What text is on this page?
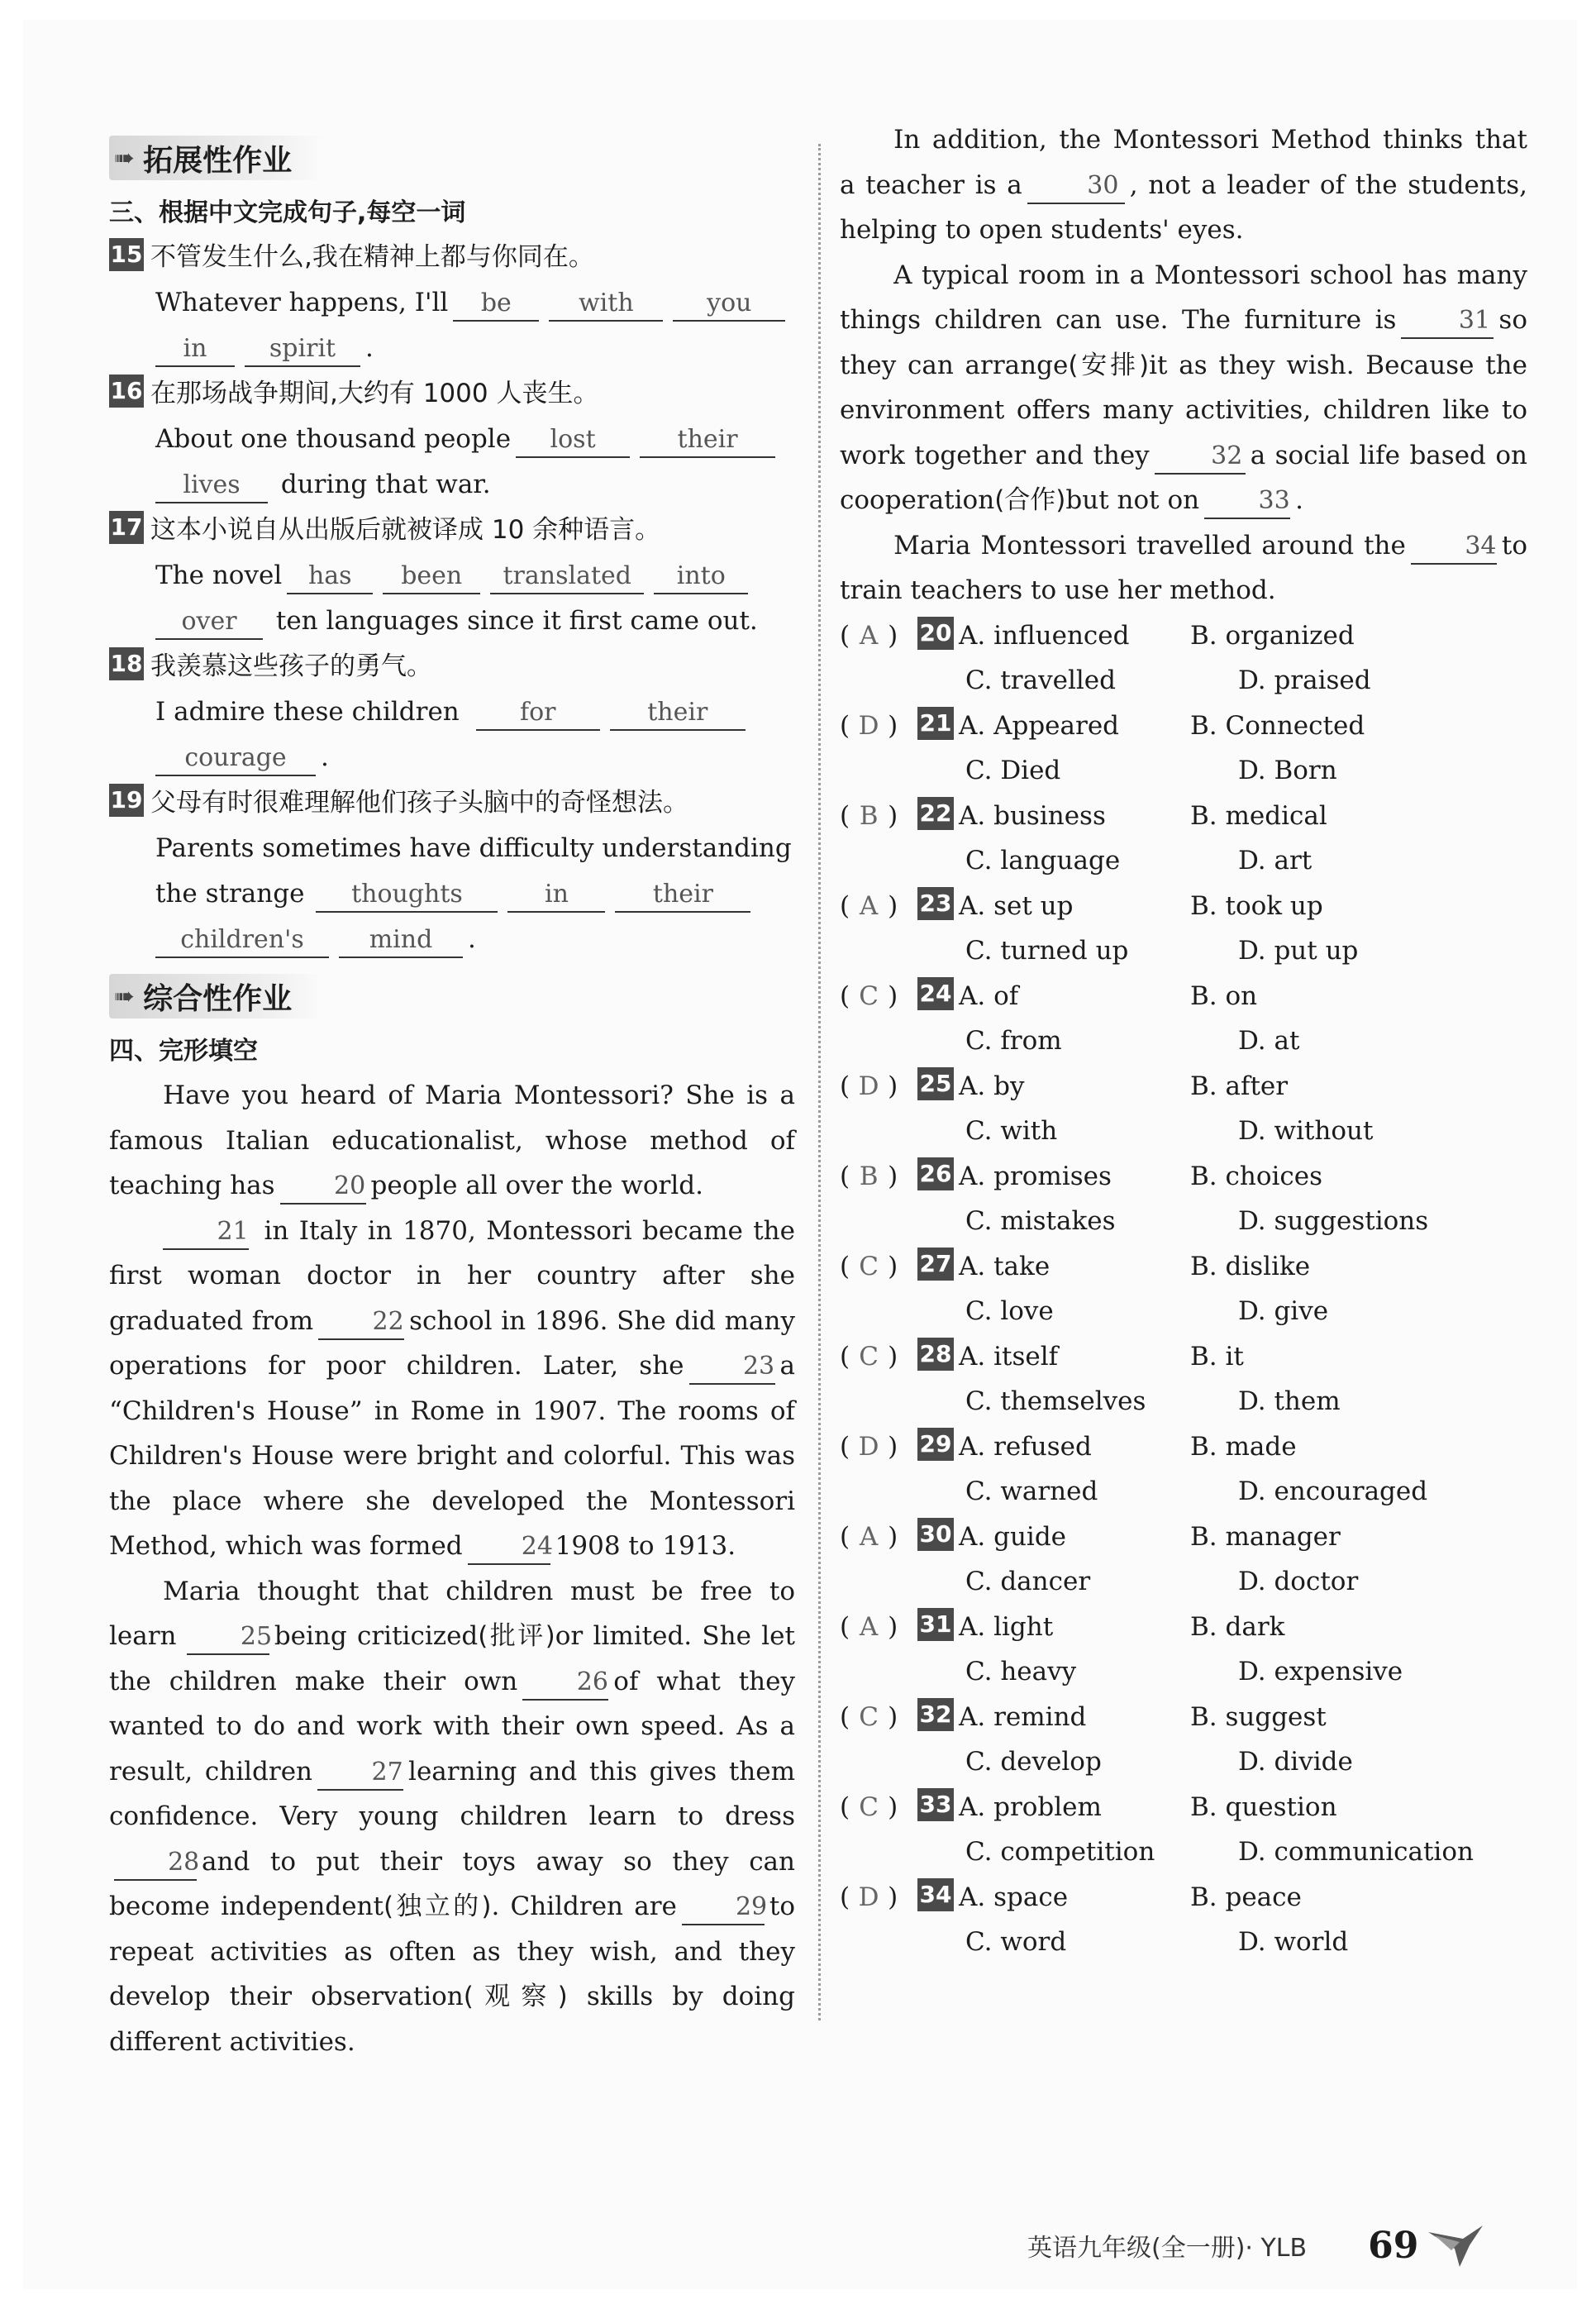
➠ 拓展性作业
三、根据中文完成句子,每空一词
15 不管发生什么,我在精神上都与你同在。
Whatever happens, I'll be	with	you
in	spirit .
16 在那场战争期间,大约有 1000 人丧生。
About one thousand people lost	their
lives during that war.
17 这本小说自从出版后就被译成 10 余种语言。
The novel has been translated into
over ten languages since it first came out.
18 我羡慕这些孩子的勇气。
I admire these children for	their
courage .
19 父母有时很难理解他们孩子头脑中的奇怪想法。
Parents sometimes have difficulty understanding
the strange thoughts	in	their
children's	mind .
➠ 综合性作业
四、完形填空

Have you heard of Maria Montessori? She is a famous Italian educationalist, whose method of teaching has 20 people all over the world.

21 in Italy in 1870, Montessori became the first woman doctor in her country after she graduated from 22 school in 1896. She did many operations for poor children. Later, she 23 a “Children's House” in Rome in 1907. The rooms of Children's House were bright and colorful. This was the place where she developed the Montessori Method, which was formed 241908 to 1913.

Maria thought that children must be free to learn	25being criticized(批评)or limited. She let the children make their own 26 of what they wanted to do and work with their own speed. As a result, children 27 learning and this gives them confidence. Very young children learn to dress28and to put their toys away so they can become independent(独立的). Children are 29to repeat activities as often as they wish, and they develop their observation(观察) skills by doing different activities.

In addition, the Montessori Method thinks that a teacher is a	30 , not a leader of the students, helping to open students' eyes.

A typical room in a Montessori school has many things children can use. The furniture is	31 so they can arrange(安排)it as they wish. Because the environment offers many activities, children like to work together and they 32 a social life based on cooperation(合作)but not on 33 .

Maria Montessori travelled around the 34 to train teachers to use her method.

( A ) 20 A. influenced	B. organized
C. travelled	D. praised
( D ) 21 A. Appeared	B. Connected
C. Died	D. Born
( B ) 22 A. business	B. medical
C. language	D. art
( A ) 23 A. set up	B. took up
C. turned up	D. put up
( C ) 24 A. of	B. on
C. from	D. at
( D ) 25 A. by	B. after
C. with	D. without
( B ) 26 A. promises	B. choices
C. mistakes	D. suggestions
( C ) 27 A. take	B. dislike
C. love	D. give
( C ) 28 A. itself	B. it
C. themselves	D. them
( D ) 29 A. refused	B. made
C. warned	D. encouraged
( A ) 30 A. guide	B. manager
C. dancer	D. doctor
( A ) 31 A. light	B. dark
C. heavy	D. expensive
( C ) 32 A. remind	B. suggest
C. develop	D. divide
( C ) 33 A. problem	B. question
C. competition	D. communication
( D ) 34 A. space	B. peace
C. word	D. world
英语九年级(全一册)· YLB 69
